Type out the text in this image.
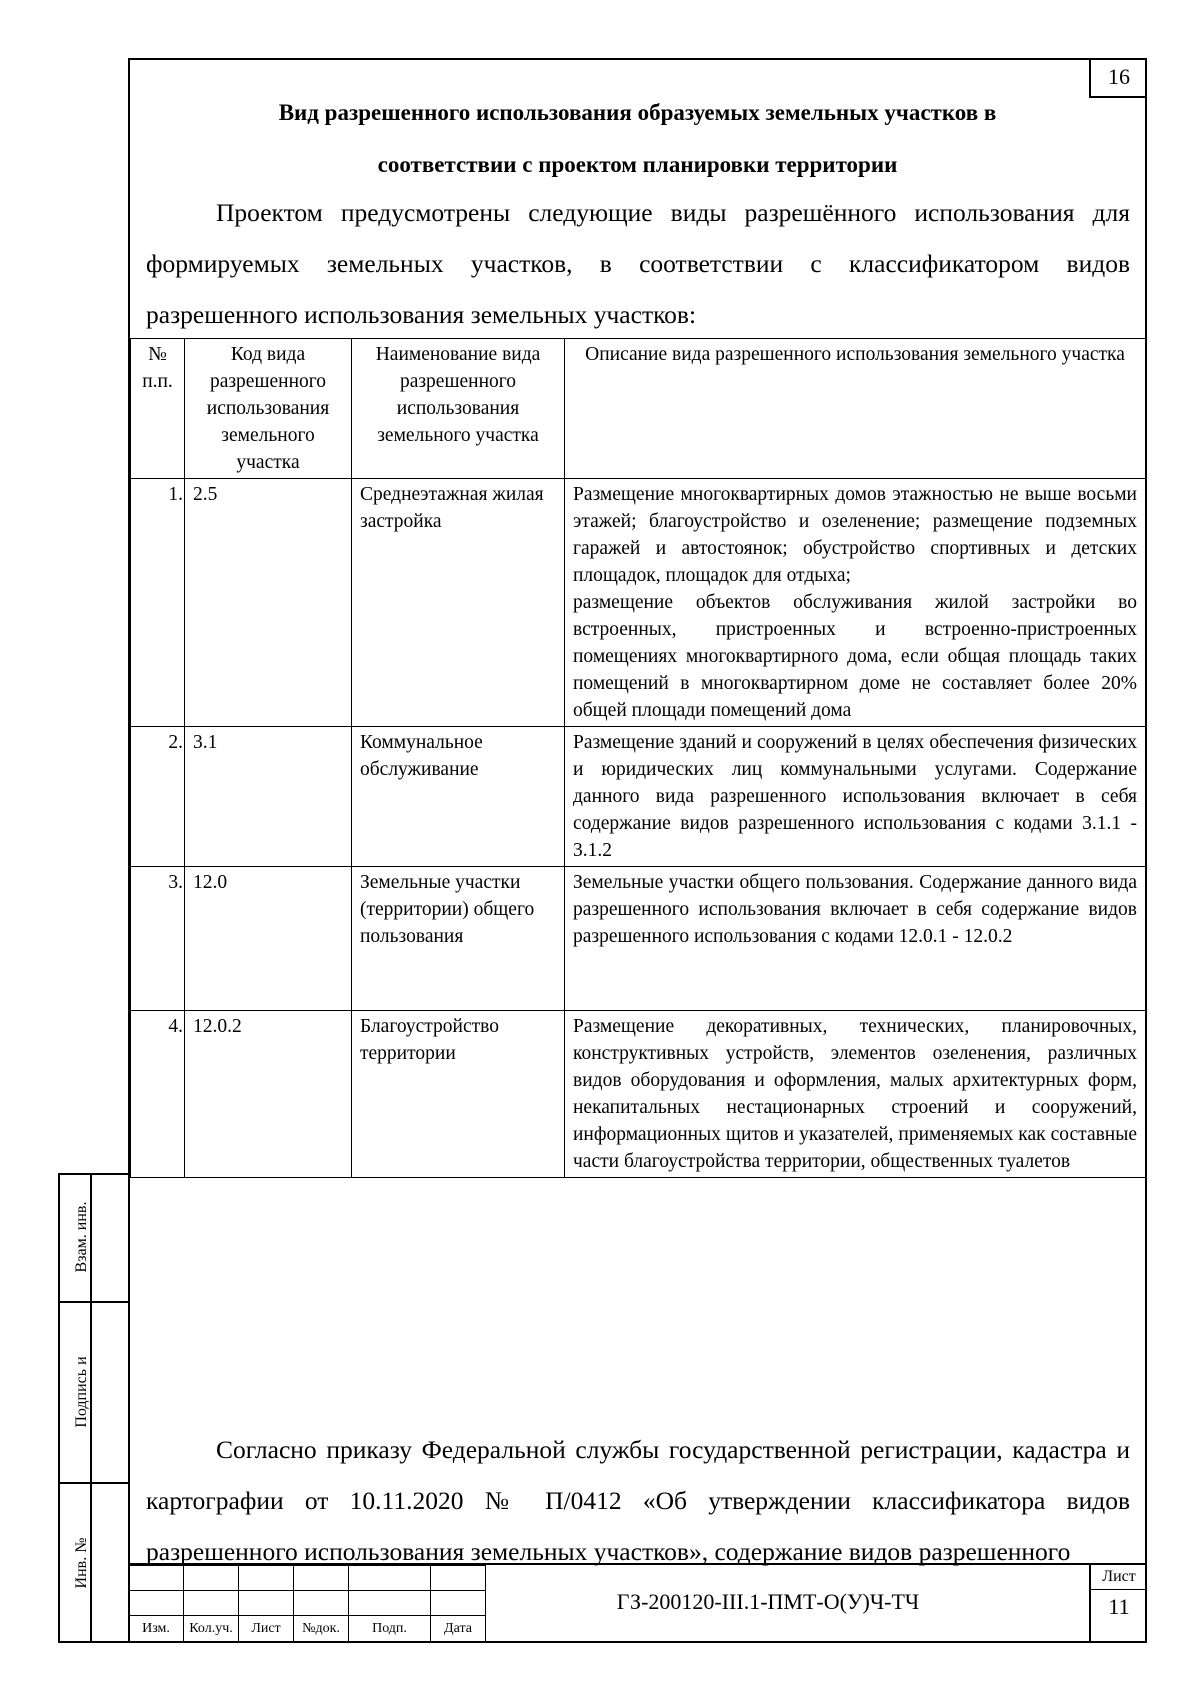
16
Вид разрешенного использования образуемых земельных участков в
соответствии с проектом планировки территории
Проектом предусмотрены следующие виды разрешённого использования для формируемых земельных участков, в соответствии с классификатором видов разрешенного использования земельных участков:
№ п.п.	Код вида разрешенного использования земельного участка	Наименование вида разрешенного использования земельного участка	Описание вида разрешенного использования земельного участка
1.	2.5	Среднеэтажная жилая застройка	Размещение многоквартирных домов этажностью не выше восьми этажей; благоустройство и озеленение; размещение подземных гаражей и автостоянок; обустройство спортивных и детских площадок, площадок для отдыха;
размещение объектов обслуживания жилой застройки во встроенных, пристроенных и встроенно-пристроенных помещениях многоквартирного дома, если общая площадь таких помещений в многоквартирном доме не составляет более 20% общей площади помещений дома

2.	3.1	Коммунальное обслуживание	Размещение зданий и сооружений в целях обеспечения физических и юридических лиц коммунальными услугами. Содержание данного вида разрешенного использования включает в себя содержание видов разрешенного использования с кодами 3.1.1 - 3.1.2
3.	12.0	Земельные участки (территории) общего пользования	Земельные участки общего пользования. Содержание данного вида разрешенного использования включает в себя содержание видов разрешенного использования с кодами 12.0.1 - 12.0.2
4.	12.0.2	Благоустройство территории	Размещение декоративных, технических, планировочных, конструктивных устройств, элементов озеленения, различных видов оборудования и оформления, малых архитектурных форм, некапитальных нестационарных строений и сооружений, информационных щитов и указателей, применяемых как составные части благоустройства территории, общественных туалетов
Согласно приказу Федеральной службы государственной регистрации, кадастра и картографии от 10.11.2020 № П/0412 «Об утверждении классификатора видов разрешенного использования земельных участков», содержание видов разрешенного
Взам. инв.
Подпись и
Инв. №

Изм.	Кол.уч.	Лист	№док.	Подп.	Дата
ГЗ-200120-III.1-ПМТ-О(У)Ч-ТЧ
Лист
11
